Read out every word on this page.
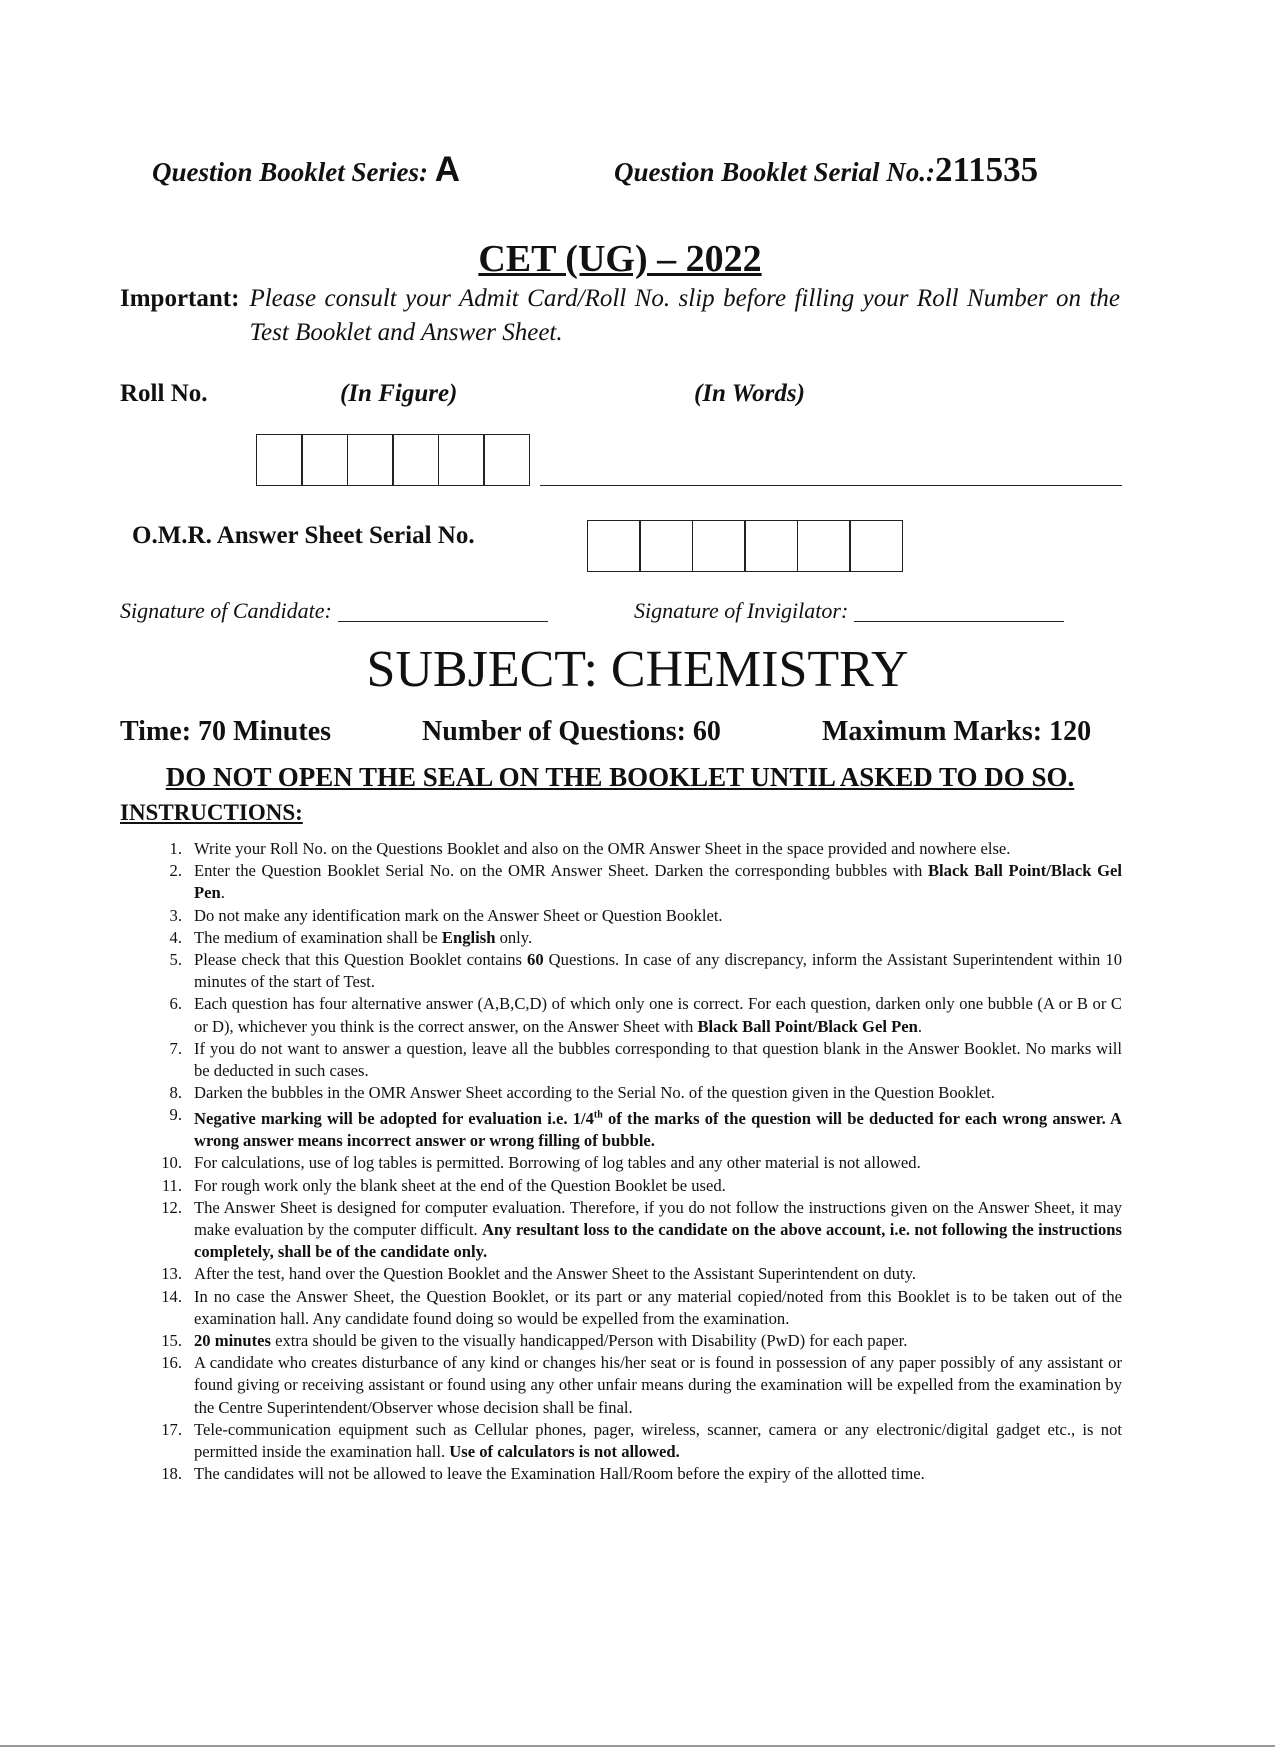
Question Booklet Series: A	Question Booklet Serial No.:211535
CET (UG) – 2022
Important: Please consult your Admit Card/Roll No. slip before filling your Roll Number on the Test Booklet and Answer Sheet.
Roll No.	(In Figure)	(In Words)
O.M.R. Answer Sheet Serial No.
Signature of Candidate:	Signature of Invigilator:
SUBJECT: CHEMISTRY
Time: 70 Minutes	Number of Questions: 60	Maximum Marks: 120
DO NOT OPEN THE SEAL ON THE BOOKLET UNTIL ASKED TO DO SO.
INSTRUCTIONS:
1. Write your Roll No. on the Questions Booklet and also on the OMR Answer Sheet in the space provided and nowhere else.
2. Enter the Question Booklet Serial No. on the OMR Answer Sheet. Darken the corresponding bubbles with Black Ball Point/Black Gel Pen.
3. Do not make any identification mark on the Answer Sheet or Question Booklet.
4. The medium of examination shall be English only.
5. Please check that this Question Booklet contains 60 Questions. In case of any discrepancy, inform the Assistant Superintendent within 10 minutes of the start of Test.
6. Each question has four alternative answer (A,B,C,D) of which only one is correct. For each question, darken only one bubble (A or B or C or D), whichever you think is the correct answer, on the Answer Sheet with Black Ball Point/Black Gel Pen.
7. If you do not want to answer a question, leave all the bubbles corresponding to that question blank in the Answer Booklet. No marks will be deducted in such cases.
8. Darken the bubbles in the OMR Answer Sheet according to the Serial No. of the question given in the Question Booklet.
9. Negative marking will be adopted for evaluation i.e. 1/4th of the marks of the question will be deducted for each wrong answer. A wrong answer means incorrect answer or wrong filling of bubble.
10. For calculations, use of log tables is permitted. Borrowing of log tables and any other material is not allowed.
11. For rough work only the blank sheet at the end of the Question Booklet be used.
12. The Answer Sheet is designed for computer evaluation. Therefore, if you do not follow the instructions given on the Answer Sheet, it may make evaluation by the computer difficult. Any resultant loss to the candidate on the above account, i.e. not following the instructions completely, shall be of the candidate only.
13. After the test, hand over the Question Booklet and the Answer Sheet to the Assistant Superintendent on duty.
14. In no case the Answer Sheet, the Question Booklet, or its part or any material copied/noted from this Booklet is to be taken out of the examination hall. Any candidate found doing so would be expelled from the examination.
15. 20 minutes extra should be given to the visually handicapped/Person with Disability (PwD) for each paper.
16. A candidate who creates disturbance of any kind or changes his/her seat or is found in possession of any paper possibly of any assistant or found giving or receiving assistant or found using any other unfair means during the examination will be expelled from the examination by the Centre Superintendent/Observer whose decision shall be final.
17. Tele-communication equipment such as Cellular phones, pager, wireless, scanner, camera or any electronic/digital gadget etc., is not permitted inside the examination hall. Use of calculators is not allowed.
18. The candidates will not be allowed to leave the Examination Hall/Room before the expiry of the allotted time.
